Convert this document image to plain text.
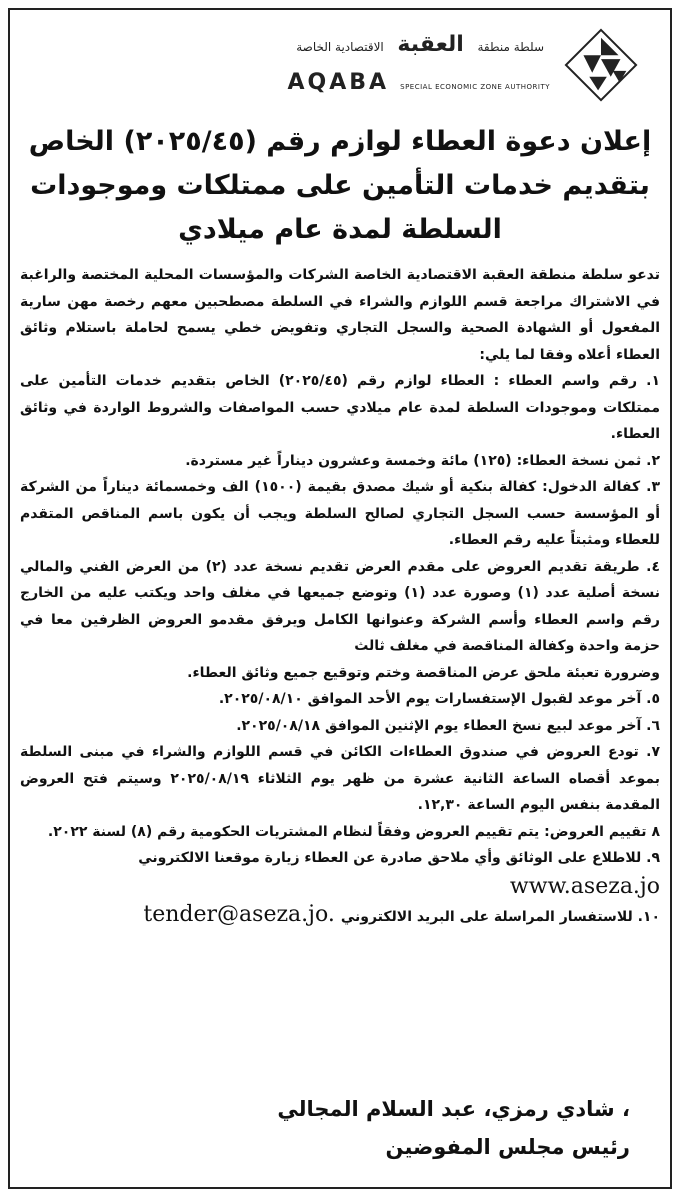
سلطة منطقة العقبة الاقتصادية الخاصة
AQABA SPECIAL ECONOMIC ZONE AUTHORITY
إعلان دعوة العطاء لوازم رقم (٢٠٢٥/٤٥) الخاص
بتقديم خدمات التأمين على ممتلكات وموجودات
السلطة لمدة عام ميلادي

تدعو سلطة منطقة العقبة الاقتصادية الخاصة الشركات والمؤسسات المحلية المختصة والراغبة في الاشتراك مراجعة قسم اللوازم والشراء في السلطة مصطحبين معهم رخصة مهن سارية المفعول أو الشهادة الصحية والسجل التجاري وتفويض خطي يسمح لحاملة باستلام وثائق العطاء أعلاه وفقا لما يلي:

١. رقم واسم العطاء : العطاء لوازم رقم (٢٠٢٥/٤٥) الخاص بتقديم خدمات التأمين على ممتلكات وموجودات السلطة لمدة عام ميلادي حسب المواصفات والشروط الواردة في وثائق العطاء.

٢. ثمن نسخة العطاء: (١٢٥) مائة وخمسة وعشرون ديناراً غير مستردة.

٣. كفالة الدخول: كفالة بنكية أو شيك مصدق بقيمة (١٥٠٠) الف وخمسمائة ديناراً من الشركة أو المؤسسة حسب السجل التجاري لصالح السلطة ويجب أن يكون باسم المناقص المتقدم للعطاء ومثبتاً عليه رقم العطاء.

٤. طريقة تقديم العروض على مقدم العرض تقديم نسخة عدد (٢) من العرض الفني والمالي نسخة أصلية عدد (١) وصورة عدد (١) وتوضع جميعها في مغلف واحد ويكتب عليه من الخارج رقم واسم العطاء وأسم الشركة وعنوانها الكامل ويرفق مقدمو العروض الظرفين معا في حزمة واحدة وكفالة المناقصة في مغلف ثالث

وضرورة تعبئة ملحق عرض المناقصة وختم وتوقيع جميع وثائق العطاء.

٥. آخر موعد لقبول الإستفسارات يوم الأحد الموافق ٢٠٢٥/٠٨/١٠.

٦. آخر موعد لبيع نسخ العطاء يوم الإثنين الموافق ٢٠٢٥/٠٨/١٨.

٧. تودع العروض في صندوق العطاءات الكائن في قسم اللوازم والشراء في مبنى السلطة بموعد أقصاه الساعة الثانية عشرة من ظهر يوم الثلاثاء ٢٠٢٥/٠٨/١٩ وسيتم فتح العروض المقدمة بنفس اليوم الساعة ١٢,٣٠.

٨ تقييم العروض: يتم تقييم العروض وفقاً لنظام المشتريات الحكومية رقم (٨) لسنة ٢٠٢٢.

٩. للاطلاع على الوثائق وأي ملاحق صادرة عن العطاء زيارة موقعنا الالكتروني

www.aseza.jo

١٠. للاستفسار المراسلة على البريد الالكتروني
tender@aseza.jo.

، شادي رمزي، عبد السلام المجالي
رئيس مجلس المفوضين
